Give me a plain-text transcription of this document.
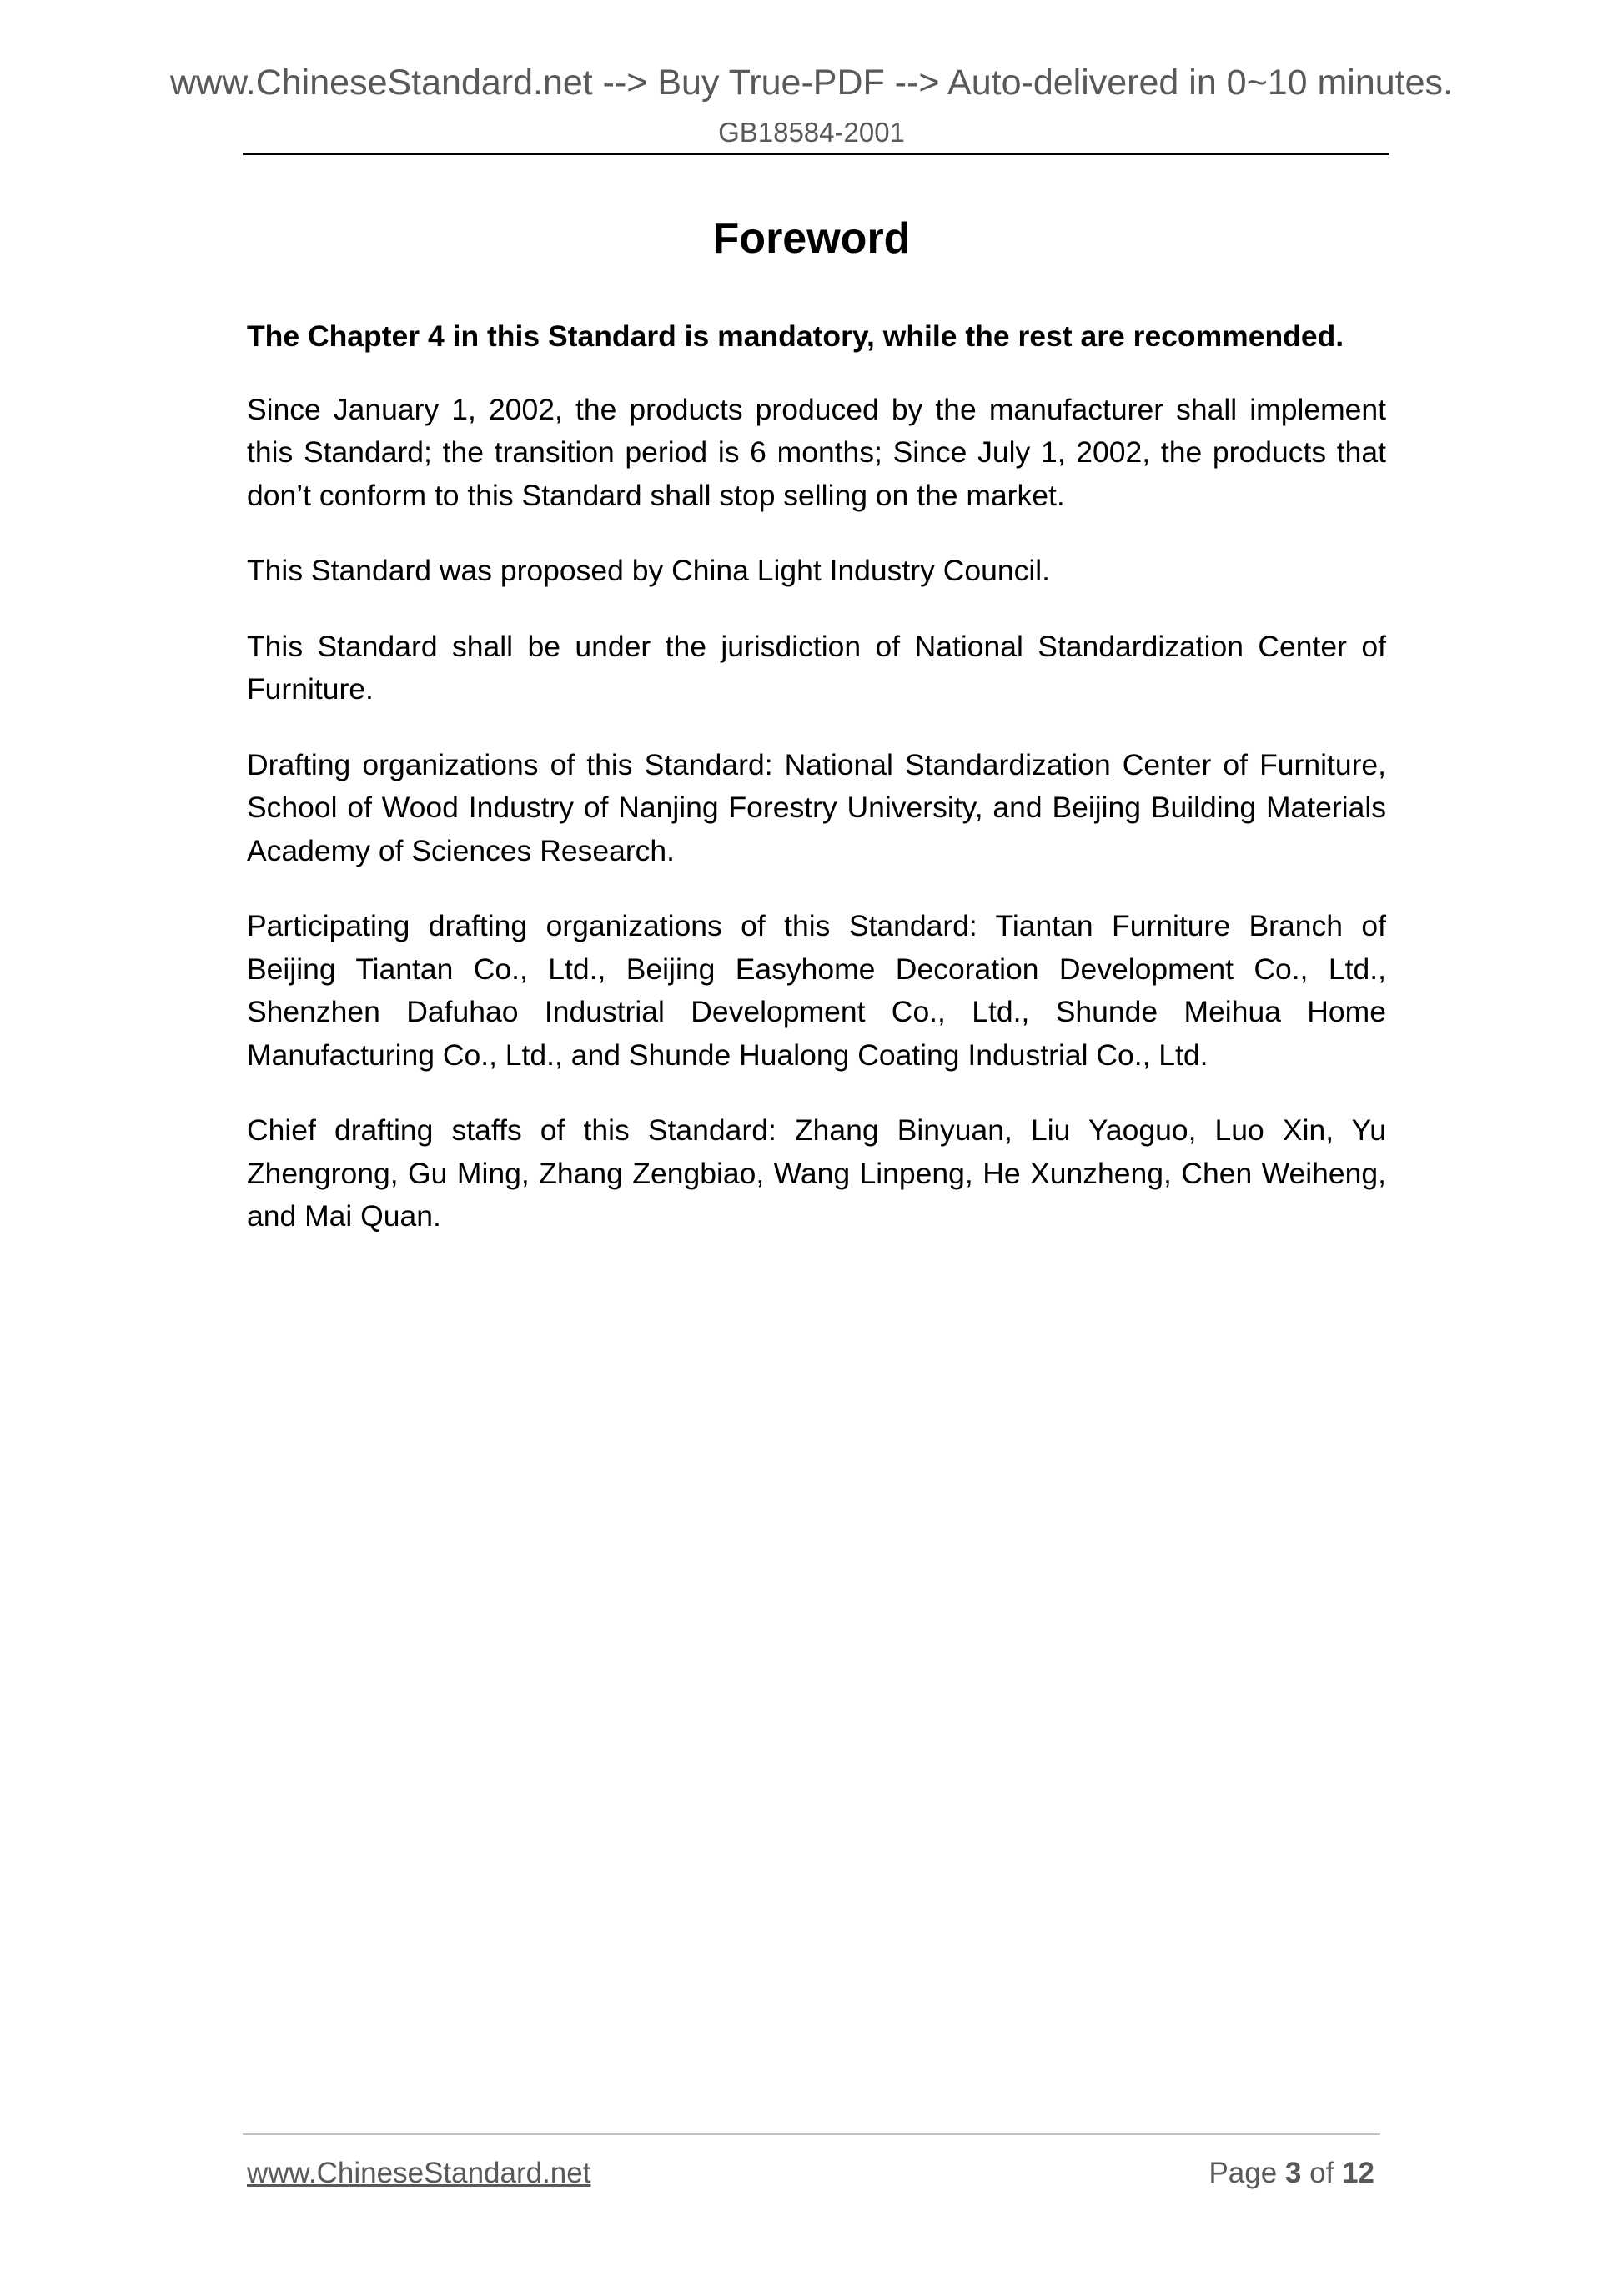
www.ChineseStandard.net --> Buy True-PDF --> Auto-delivered in 0~10 minutes.
GB18584-2001
Foreword

The Chapter 4 in this Standard is mandatory, while the rest are recommended.

Since January 1, 2002, the products produced by the manufacturer shall implement this Standard; the transition period is 6 months; Since July 1, 2002, the products that don’t conform to this Standard shall stop selling on the market.

This Standard was proposed by China Light Industry Council.

This Standard shall be under the jurisdiction of National Standardization Center of Furniture.

Drafting organizations of this Standard: National Standardization Center of Furniture, School of Wood Industry of Nanjing Forestry University, and Beijing Building Materials Academy of Sciences Research.

Participating drafting organizations of this Standard: Tiantan Furniture Branch of Beijing Tiantan Co., Ltd., Beijing Easyhome Decoration Development Co., Ltd., Shenzhen Dafuhao Industrial Development Co., Ltd., Shunde Meihua Home Manufacturing Co., Ltd., and Shunde Hualong Coating Industrial Co., Ltd.

Chief drafting staffs of this Standard: Zhang Binyuan, Liu Yaoguo, Luo Xin, Yu Zhengrong, Gu Ming, Zhang Zengbiao, Wang Linpeng, He Xunzheng, Chen Weiheng, and Mai Quan.

www.ChineseStandard.net	Page 3 of 12
